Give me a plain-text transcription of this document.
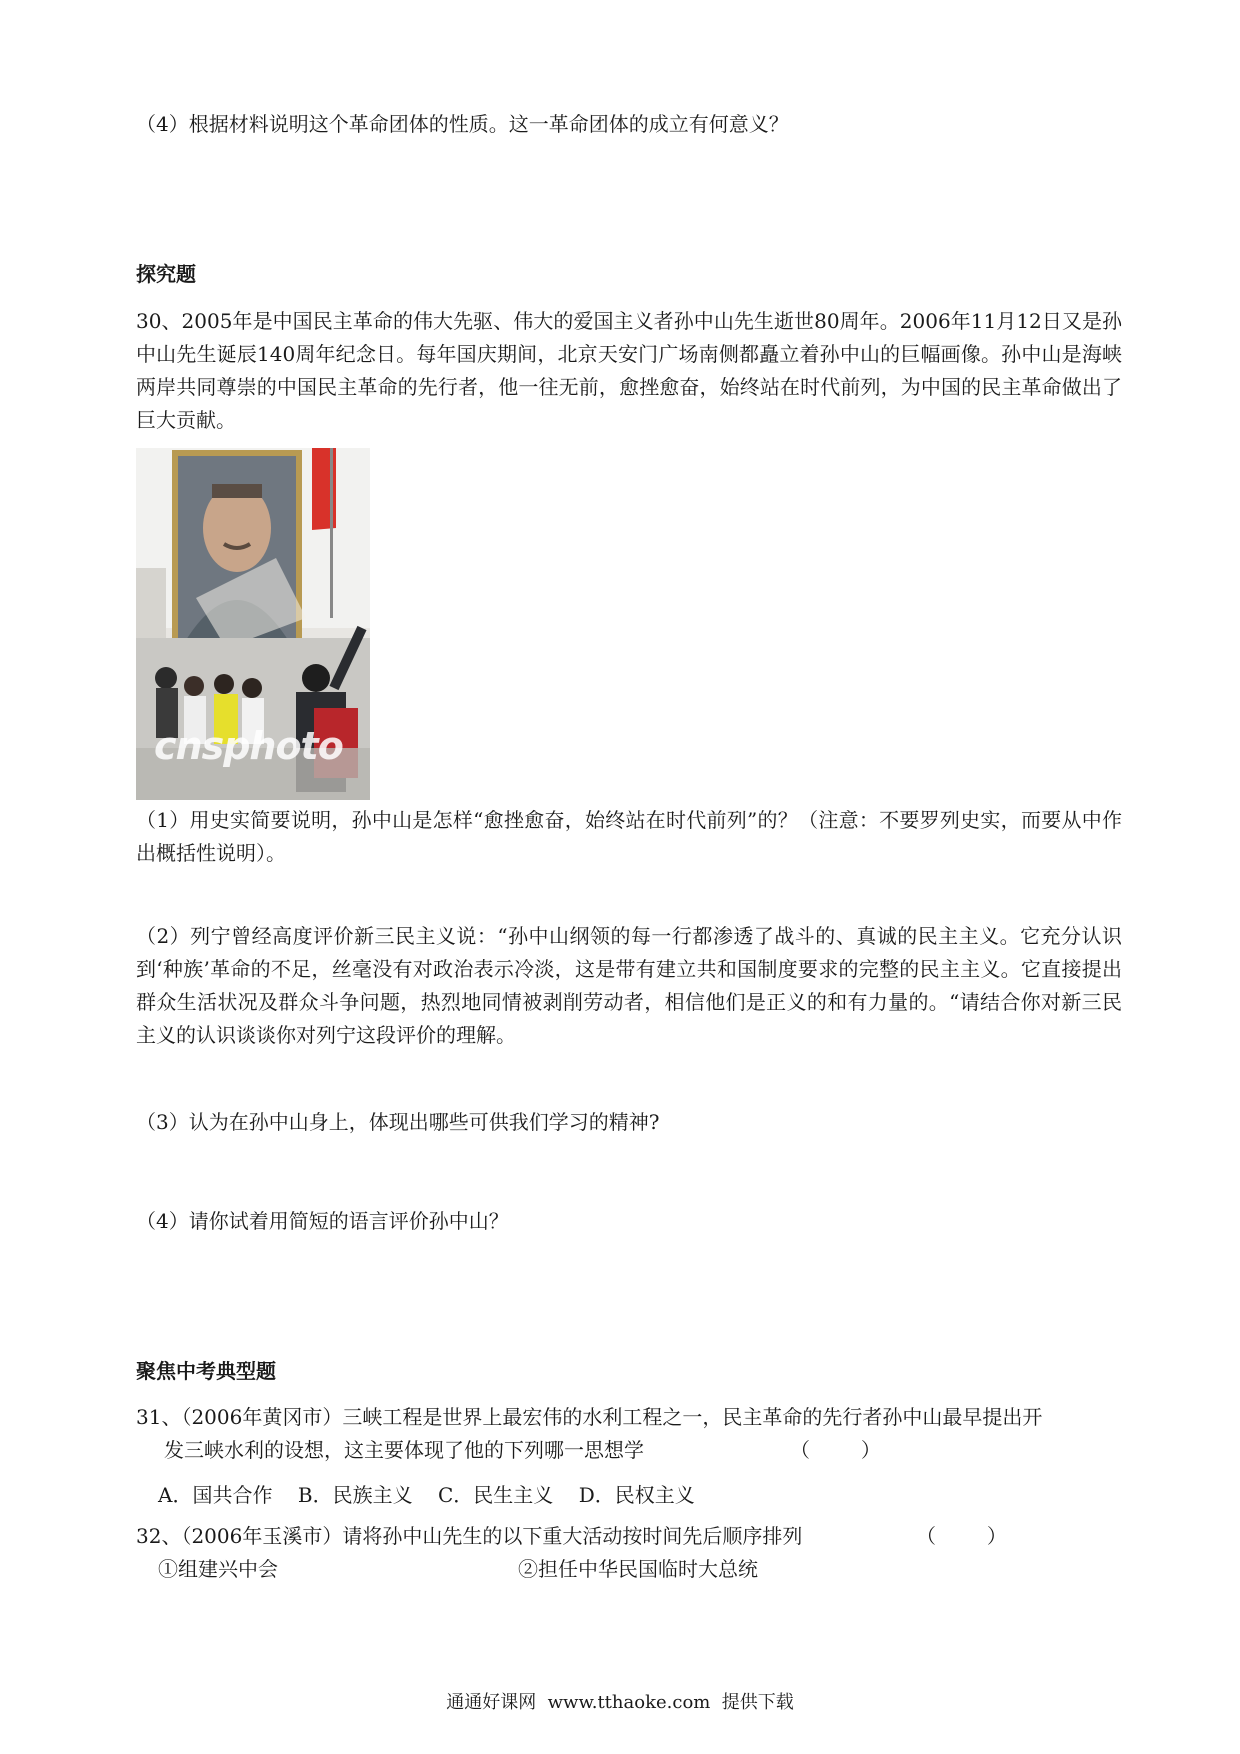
（4）根据材料说明这个革命团体的性质。这一革命团体的成立有何意义？
探究题
30、2005年是中国民主革命的伟大先驱、伟大的爱国主义者孙中山先生逝世80周年。2006年11月12日又是孙中山先生诞辰140周年纪念日。每年国庆期间，北京天安门广场南侧都矗立着孙中山的巨幅画像。孙中山是海峡两岸共同尊崇的中国民主革命的先行者，他一往无前，愈挫愈奋，始终站在时代前列，为中国的民主革命做出了巨大贡献。
cnsphoto
（1）用史实简要说明，孙中山是怎样“愈挫愈奋，始终站在时代前列”的？（注意：不要罗列史实，而要从中作出概括性说明）。
（2）列宁曾经高度评价新三民主义说：“孙中山纲领的每一行都渗透了战斗的、真诚的民主主义。它充分认识到‘种族’革命的不足，丝毫没有对政治表示冷淡，这是带有建立共和国制度要求的完整的民主主义。它直接提出群众生活状况及群众斗争问题，热烈地同情被剥削劳动者，相信他们是正义的和有力量的。“请结合你对新三民主义的认识谈谈你对列宁这段评价的理解。
（3）认为在孙中山身上，体现出哪些可供我们学习的精神?
（4）请你试着用简短的语言评价孙中山？
聚焦中考典型题
31、（2006年黄冈市）三峡工程是世界上最宏伟的水利工程之一，民主革命的先行者孙中山最早提出开
发三峡水利的设想，这主要体现了他的下列哪一思想学	（        ）
A．国共合作    B．民族主义    C．民生主义    D．民权主义
32、（2006年玉溪市）请将孙中山先生的以下重大活动按时间先后顺序排列	（        ）
①组建兴中会	②担任中华民国临时大总统
通通好课网  www.tthaoke.com  提供下载
